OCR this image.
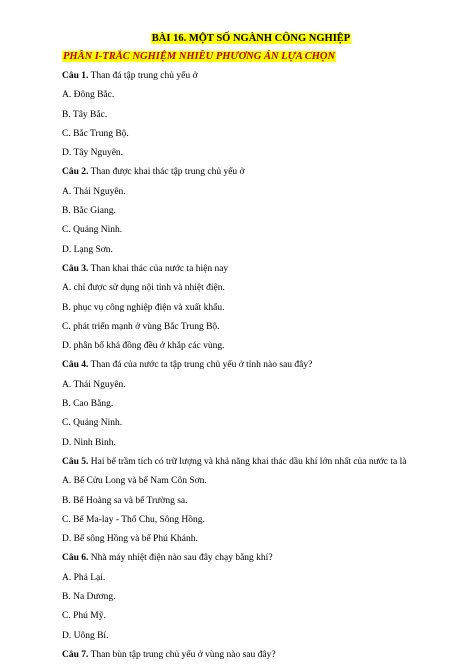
BÀI 16. MỘT SỐ NGÀNH CÔNG NGHIỆP
PHẦN I-TRẮC NGHIỆM NHIỀU PHƯƠNG ÁN LỰA CHỌN
Câu 1. Than đá tập trung chủ yếu ở
A. Đông Bắc.
B. Tây Bắc.
C. Bắc Trung Bộ.
D. Tây Nguyên.
Câu 2. Than được khai thác tập trung chủ yếu ở
A. Thái Nguyên.
B. Bắc Giang.
C. Quảng Ninh.
D. Lạng Sơn.
Câu 3. Than khai thác của nước ta hiện nay
A. chỉ được sử dụng nội tỉnh và nhiệt điện.
B. phục vụ công nghiệp điện và xuất khẩu.
C. phát triển mạnh ở vùng Bắc Trung Bộ.
D. phân bố khá đồng đều ở khắp các vùng.
Câu 4. Than đá của nước ta tập trung chủ yếu ở tỉnh nào sau đây?
A. Thái Nguyên.
B. Cao Bằng.
C. Quảng Ninh.
D. Ninh Bình.
Câu 5. Hai bể trầm tích có trữ lượng và khả năng khai thác dầu khí lớn nhất của nước ta là
A. Bể Cửu Long và bể Nam Côn Sơn.
B. Bể Hoàng sa và bể Trường sa.
C. Bể Ma-lay - Thổ Chu, Sông Hồng.
D. Bể sông Hồng và bể Phú Khánh.
Câu 6. Nhà máy nhiệt điện nào sau đây chạy bằng khí?
A. Phả Lại.
B. Na Dương.
C. Phú Mỹ.
D. Uông Bí.
Câu 7. Than bùn tập trung chủ yếu ở vùng nào sau đây?
